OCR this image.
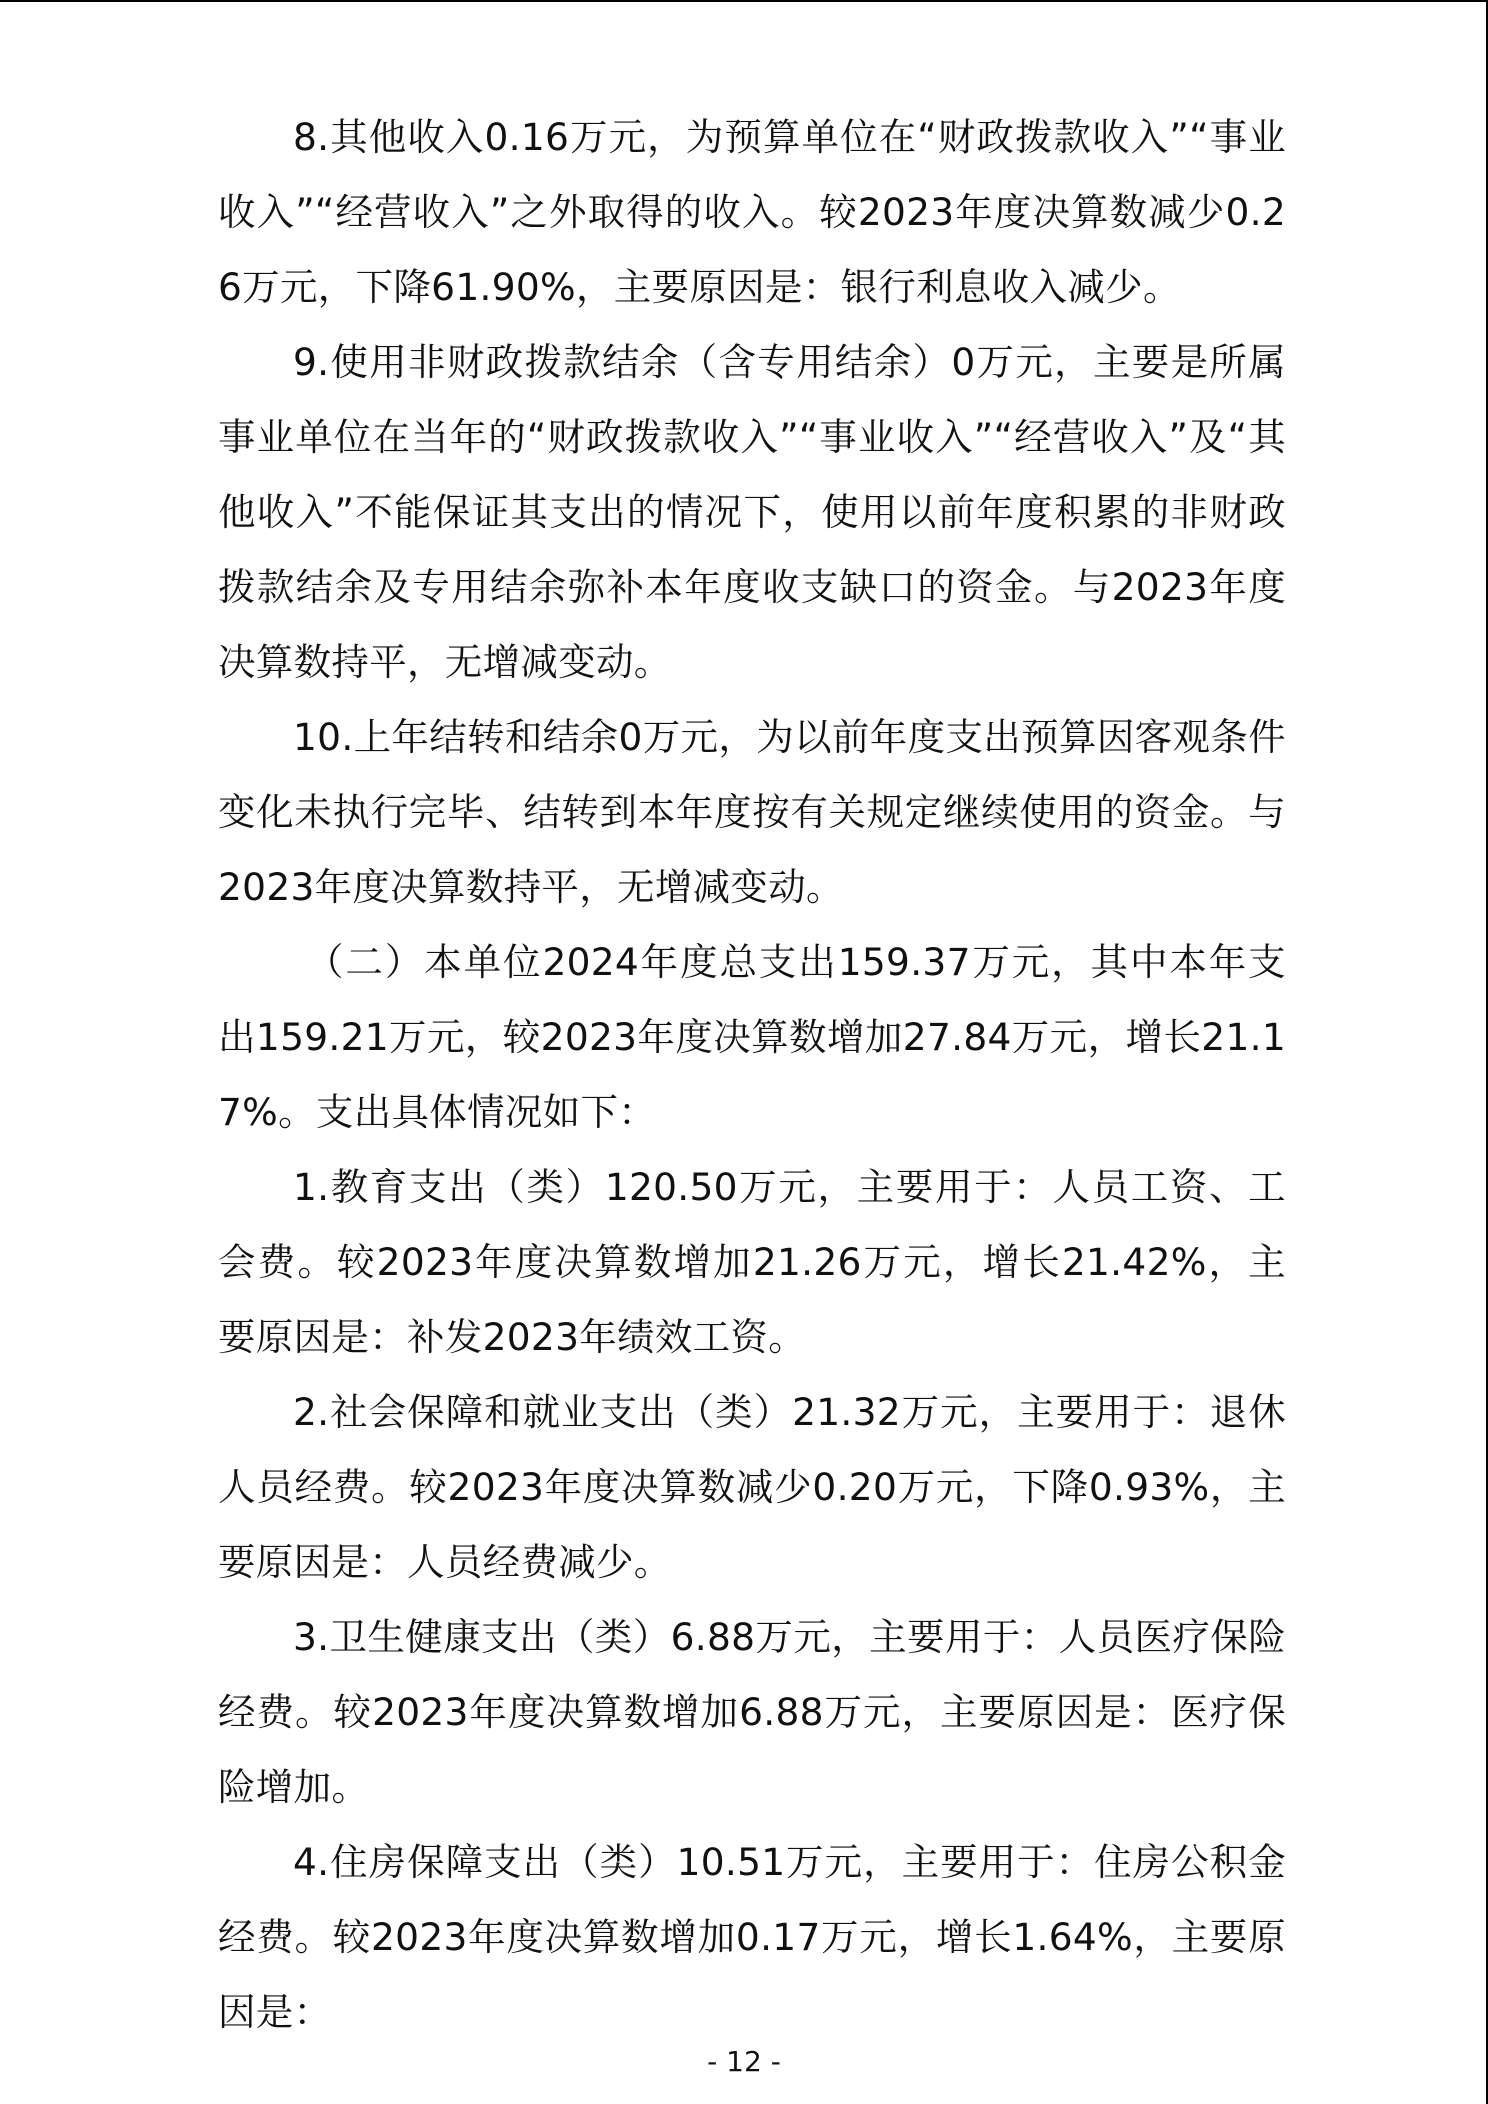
8.其他收入0.16万元，为预算单位在“财政拨款收入”“事业收入”“经营收入”之外取得的收入。较2023年度决算数减少0.26万元，下降61.90%，主要原因是：银行利息收入减少。

9.使用非财政拨款结余（含专用结余）0万元，主要是所属事业单位在当年的“财政拨款收入”“事业收入”“经营收入”及“其他收入”不能保证其支出的情况下，使用以前年度积累的非财政拨款结余及专用结余弥补本年度收支缺口的资金。与2023年度决算数持平，无增减变动。

10.上年结转和结余0万元，为以前年度支出预算因客观条件变化未执行完毕、结转到本年度按有关规定继续使用的资金。与2023年度决算数持平，无增减变动。

（二）本单位2024年度总支出159.37万元，其中本年支出159.21万元，较2023年度决算数增加27.84万元，增长21.17%。支出具体情况如下：

1.教育支出（类）120.50万元，主要用于：人员工资、工会费。较2023年度决算数增加21.26万元，增长21.42%，主要原因是：补发2023年绩效工资。

2.社会保障和就业支出（类）21.32万元，主要用于：退休人员经费。较2023年度决算数减少0.20万元，下降0.93%，主要原因是：人员经费减少。

3.卫生健康支出（类）6.88万元，主要用于：人员医疗保险经费。较2023年度决算数增加6.88万元，主要原因是：医疗保险增加。

4.住房保障支出（类）10.51万元，主要用于：住房公积金经费。较2023年度决算数增加0.17万元，增长1.64%，主要原因是：

- 12 -
